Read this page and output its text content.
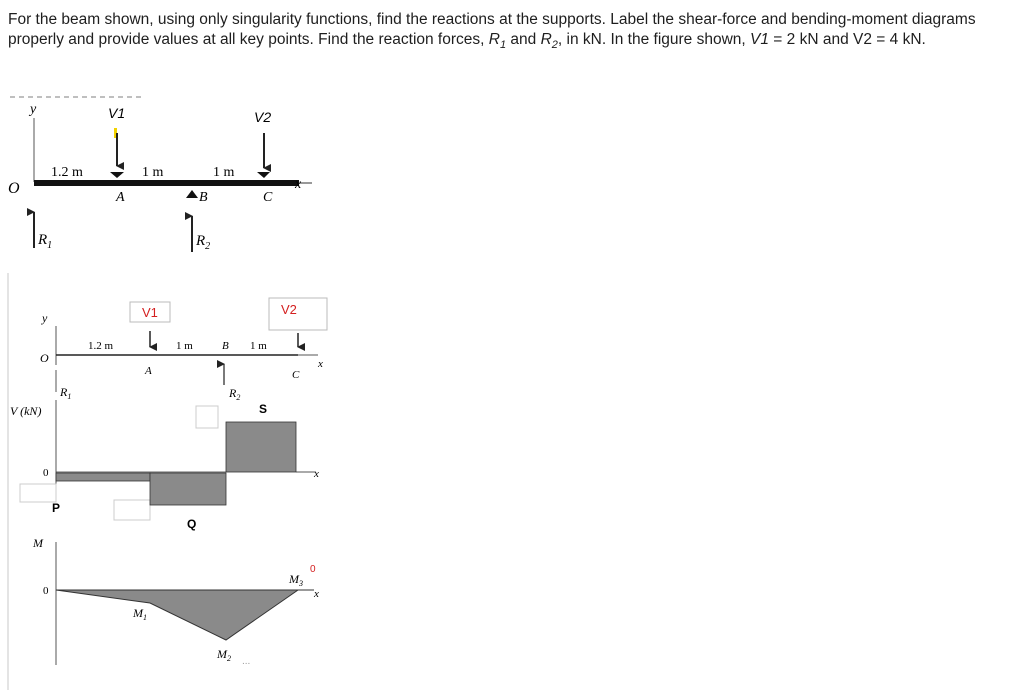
For the beam shown, using only singularity functions, find the reactions at the supports. Label the shear-force and bending-moment diagrams properly and provide values at all key points. Find the reaction forces, $R_1$ and $R_2$, in kN. In the figure shown, V1 = 2 kN and V2 = 4 kN.
y
O	x
V1	V2
1.2 m	1 m	1 m
A	B	C
$R_1$	$R_2$
y
O	x
V1	V2
1.2 m	1 m	B 1 m
A	C
$R_1$	$R_2$
V (kN)
0	x
P
Q
S
M
0	x
$M_1$
$M_2$ ...
$M_3$
0
